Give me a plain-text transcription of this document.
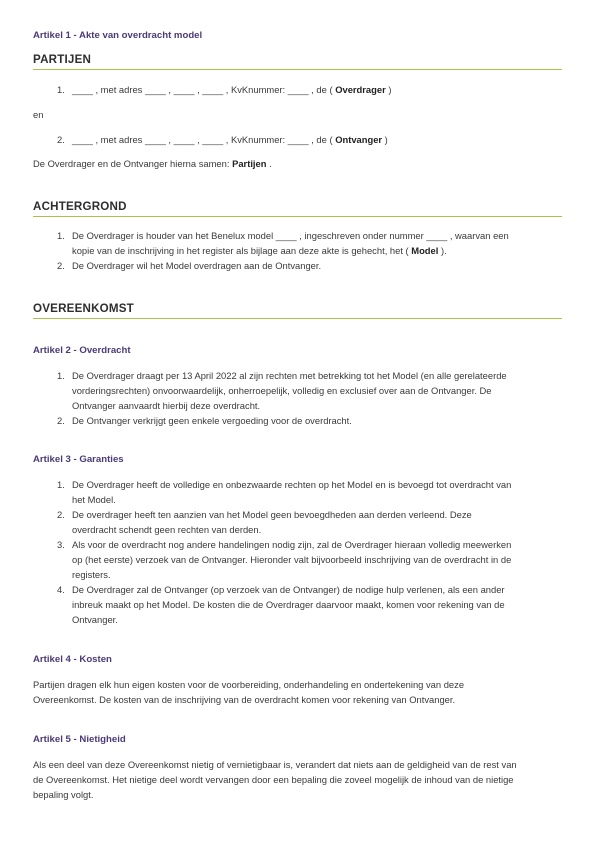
Artikel 1 - Akte van overdracht model

PARTIJEN
1. ____ , met adres ____ , ____ , ____ , KvKnummer: ____ , de ( Overdrager )

en

2. ____ , met adres ____ , ____ , ____ , KvKnummer: ____ , de ( Ontvanger )

De Overdrager en de Ontvanger hierna samen: Partijen .

ACHTERGROND
1. De Overdrager is houder van het Benelux model ____ , ingeschreven onder nummer ____ , waarvan een
kopie van de inschrijving in het register als bijlage aan deze akte is gehecht, het ( Model ).
2. De Overdrager wil het Model overdragen aan de Ontvanger.
OVEREENKOMST

Artikel 2 - Overdracht

1. De Overdrager draagt per 13 April 2022 al zijn rechten met betrekking tot het Model (en alle gerelateerde
vorderingsrechten) onvoorwaardelijk, onherroepelijk, volledig en exclusief over aan de Ontvanger. De
Ontvanger aanvaardt hierbij deze overdracht.
2. De Ontvanger verkrijgt geen enkele vergoeding voor de overdracht.

Artikel 3 - Garanties

1. De Overdrager heeft de volledige en onbezwaarde rechten op het Model en is bevoegd tot overdracht van
het Model.
2. De overdrager heeft ten aanzien van het Model geen bevoegdheden aan derden verleend. Deze
overdracht schendt geen rechten van derden.
3. Als voor de overdracht nog andere handelingen nodig zijn, zal de Overdrager hieraan volledig meewerken
op (het eerste) verzoek van de Ontvanger. Hieronder valt bijvoorbeeld inschrijving van de overdracht in de
registers.
4. De Overdrager zal de Ontvanger (op verzoek van de Ontvanger) de nodige hulp verlenen, als een ander
inbreuk maakt op het Model. De kosten die de Overdrager daarvoor maakt, komen voor rekening van de
Ontvanger.

Artikel 4 - Kosten

Partijen dragen elk hun eigen kosten voor de voorbereiding, onderhandeling en ondertekening van deze
Overeenkomst. De kosten van de inschrijving van de overdracht komen voor rekening van Ontvanger.

Artikel 5 - Nietigheid

Als een deel van deze Overeenkomst nietig of vernietigbaar is, verandert dat niets aan de geldigheid van de rest van
de Overeenkomst. Het nietige deel wordt vervangen door een bepaling die zoveel mogelijk de inhoud van de nietige
bepaling volgt.
